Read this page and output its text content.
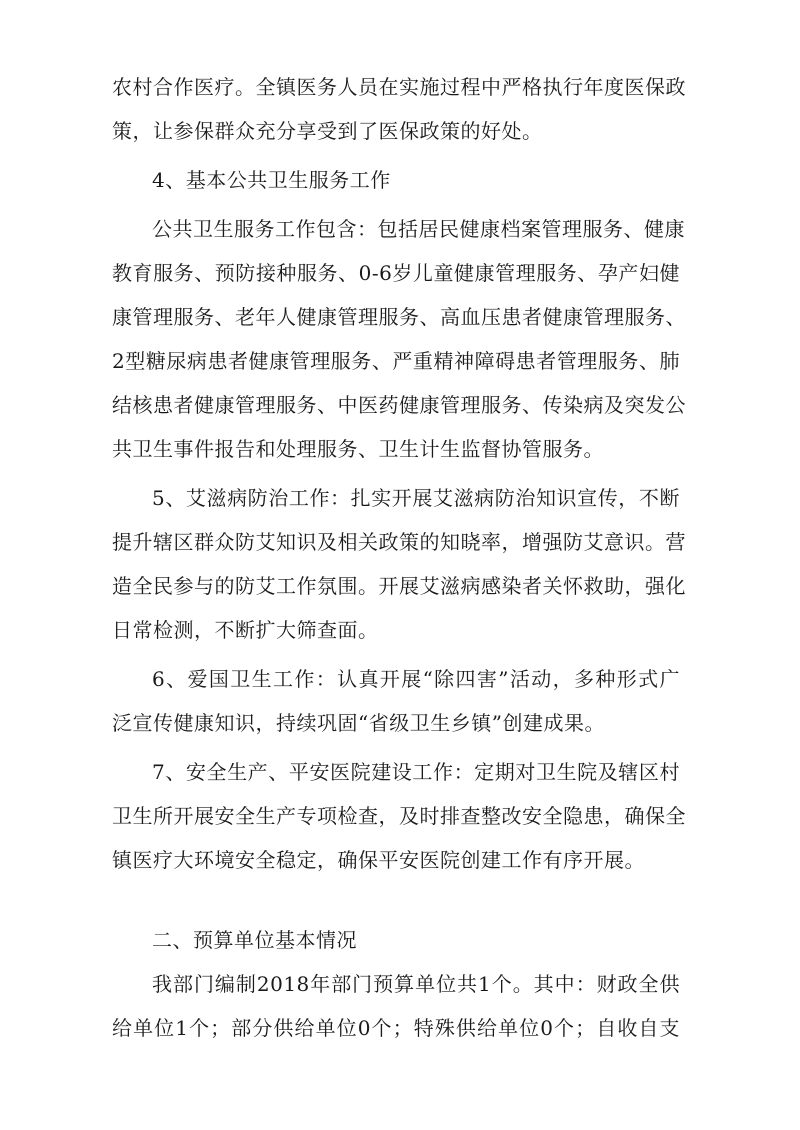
农村合作医疗。全镇医务人员在实施过程中严格执行年度医保政
策，让参保群众充分享受到了医保政策的好处。
4、基本公共卫生服务工作
公共卫生服务工作包含：包括居民健康档案管理服务、健康
教育服务、预防接种服务、0-6岁儿童健康管理服务、孕产妇健
康管理服务、老年人健康管理服务、高血压患者健康管理服务、
2型糖尿病患者健康管理服务、严重精神障碍患者管理服务、肺
结核患者健康管理服务、中医药健康管理服务、传染病及突发公
共卫生事件报告和处理服务、卫生计生监督协管服务。
5、艾滋病防治工作：扎实开展艾滋病防治知识宣传，不断
提升辖区群众防艾知识及相关政策的知晓率，增强防艾意识。营
造全民参与的防艾工作氛围。开展艾滋病感染者关怀救助，强化
日常检测，不断扩大筛查面。
6、爱国卫生工作：认真开展“除四害”活动，多种形式广
泛宣传健康知识，持续巩固“省级卫生乡镇”创建成果。
7、安全生产、平安医院建设工作：定期对卫生院及辖区村
卫生所开展安全生产专项检查，及时排查整改安全隐患，确保全
镇医疗大环境安全稳定，确保平安医院创建工作有序开展。
二、预算单位基本情况
我部门编制2018年部门预算单位共1个。其中：财政全供
给单位1个；部分供给单位0个；特殊供给单位0个；自收自支
